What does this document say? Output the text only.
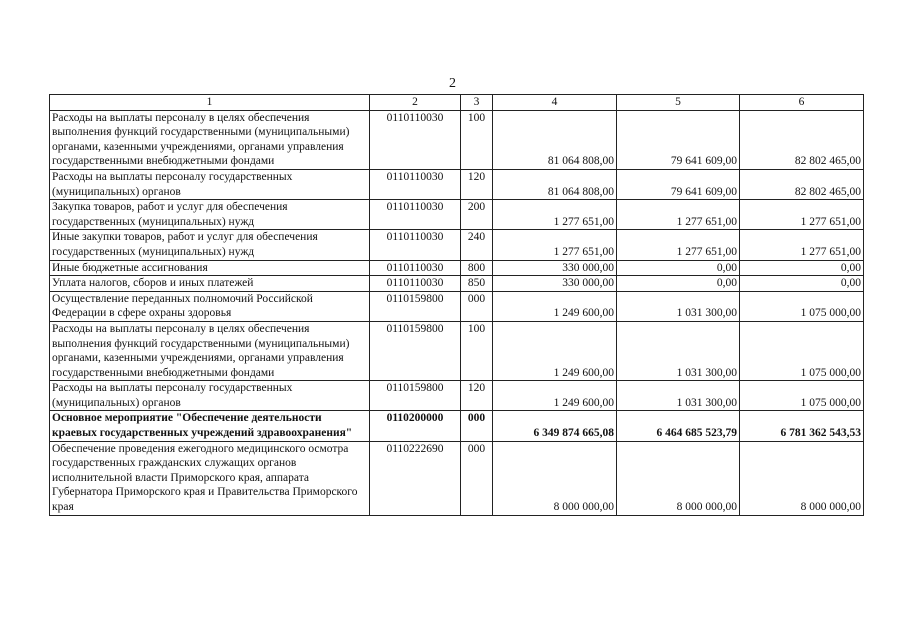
2
1	2	3	4	5	6
Расходы на выплаты персоналу в целях обеспечения выполнения функций государственными (муниципальными) органами, казенными учреждениями, органами управления государственными внебюджетными фондами	0110110030	100	81 064 808,00	79 641 609,00	82 802 465,00
Расходы на выплаты персоналу государственных (муниципальных) органов	0110110030	120	81 064 808,00	79 641 609,00	82 802 465,00
Закупка товаров, работ и услуг для обеспечения государственных (муниципальных) нужд	0110110030	200	1 277 651,00	1 277 651,00	1 277 651,00
Иные закупки товаров, работ и услуг для обеспечения государственных (муниципальных) нужд	0110110030	240	1 277 651,00	1 277 651,00	1 277 651,00
Иные бюджетные ассигнования	0110110030	800	330 000,00	0,00	0,00
Уплата налогов, сборов и иных платежей	0110110030	850	330 000,00	0,00	0,00
Осуществление переданных полномочий Российской Федерации в сфере охраны здоровья	0110159800	000	1 249 600,00	1 031 300,00	1 075 000,00
Расходы на выплаты персоналу в целях обеспечения выполнения функций государственными (муниципальными) органами, казенными учреждениями, органами управления государственными внебюджетными фондами	0110159800	100	1 249 600,00	1 031 300,00	1 075 000,00
Расходы на выплаты персоналу государственных (муниципальных) органов	0110159800	120	1 249 600,00	1 031 300,00	1 075 000,00
Основное мероприятие "Обеспечение деятельности краевых государственных учреждений здравоохранения"	0110200000	000	6 349 874 665,08	6 464 685 523,79	6 781 362 543,53
Обеспечение проведения ежегодного медицинского осмотра государственных гражданских служащих органов исполнительной власти Приморского края, аппарата Губернатора Приморского края и Правительства Приморского края	0110222690	000	8 000 000,00	8 000 000,00	8 000 000,00
